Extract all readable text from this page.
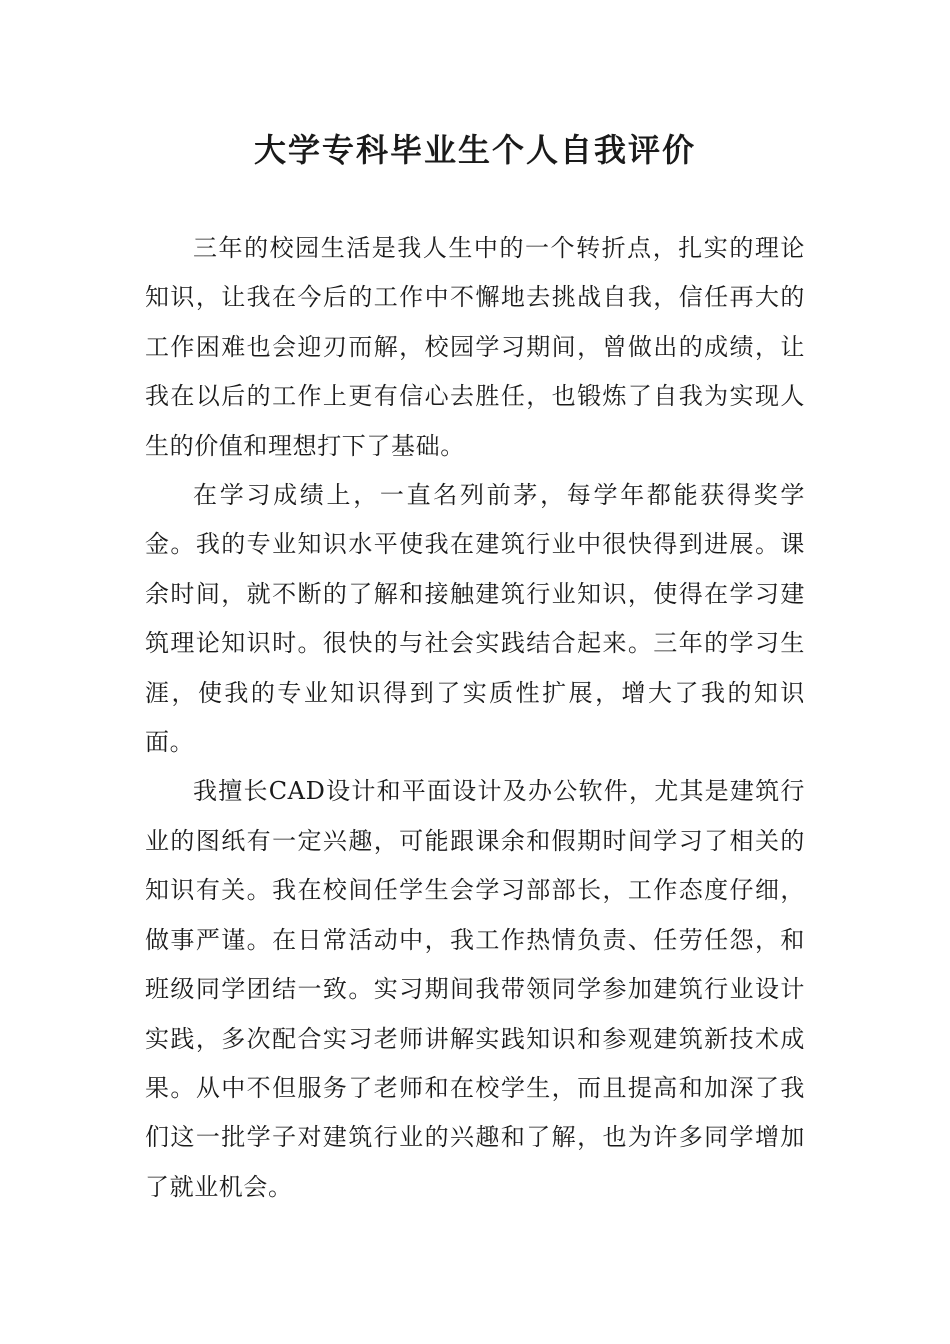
大学专科毕业生个人自我评价

三年的校园生活是我人生中的一个转折点，扎实的理论知识，让我在今后的工作中不懈地去挑战自我，信任再大的工作困难也会迎刃而解，校园学习期间，曾做出的成绩，让我在以后的工作上更有信心去胜任，也锻炼了自我为实现人生的价值和理想打下了基础。

在学习成绩上，一直名列前茅，每学年都能获得奖学金。我的专业知识水平使我在建筑行业中很快得到进展。课余时间，就不断的了解和接触建筑行业知识，使得在学习建筑理论知识时。很快的与社会实践结合起来。三年的学习生涯，使我的专业知识得到了实质性扩展，增大了我的知识面。

我擅长CAD设计和平面设计及办公软件，尤其是建筑行业的图纸有一定兴趣，可能跟课余和假期时间学习了相关的知识有关。我在校间任学生会学习部部长，工作态度仔细，做事严谨。在日常活动中，我工作热情负责、任劳任怨，和班级同学团结一致。实习期间我带领同学参加建筑行业设计实践，多次配合实习老师讲解实践知识和参观建筑新技术成果。从中不但服务了老师和在校学生，而且提高和加深了我们这一批学子对建筑行业的兴趣和了解，也为许多同学增加了就业机会。
